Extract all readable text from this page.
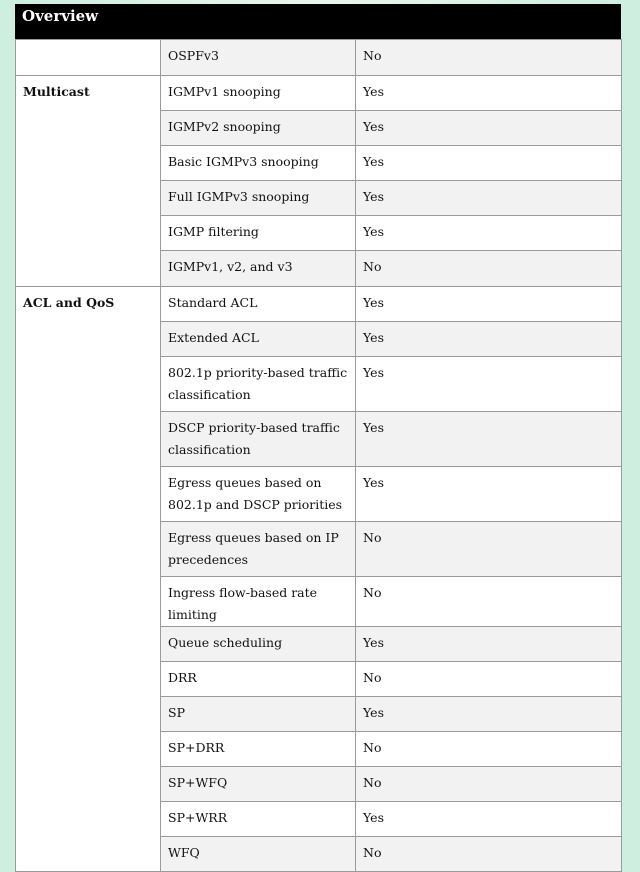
Overview
	OSPFv3	No
Multicast	IGMPv1 snooping	Yes
	IGMPv2 snooping	Yes
	Basic IGMPv3 snooping	Yes
	Full IGMPv3 snooping	Yes
	IGMP filtering	Yes
	IGMPv1, v2, and v3	No
ACL and QoS	Standard ACL	Yes
	Extended ACL	Yes
	802.1p priority-based traffic classification	Yes
	DSCP priority-based traffic classification	Yes
	Egress queues based on 802.1p and DSCP priorities	Yes
	Egress queues based on IP precedences	No
	Ingress flow-based rate limiting	No
	Queue scheduling	Yes
	DRR	No
	SP	Yes
	SP+DRR	No
	SP+WFQ	No
	SP+WRR	Yes
	WFQ	No
